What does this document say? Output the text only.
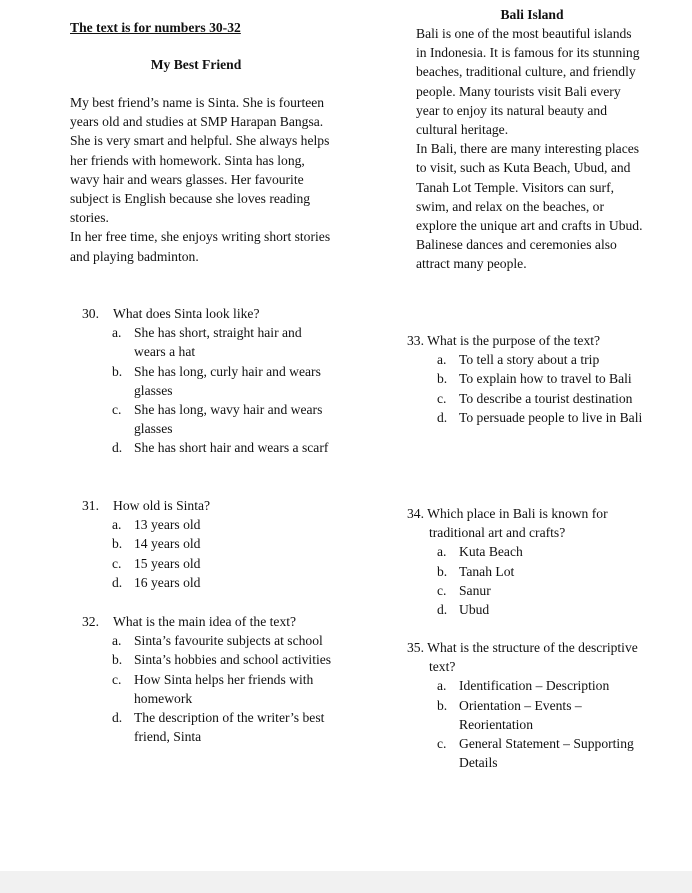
The text is for numbers 30-32
My Best Friend

My best friend’s name is Sinta. She is fourteen years old and studies at SMP Harapan Bangsa.

She is very smart and helpful. She always helps her friends with homework. Sinta has long, wavy hair and wears glasses. Her favourite subject is English because she loves reading stories.

In her free time, she enjoys writing short stories and playing badminton.

30. What does Sinta look like?
a. She has short, straight hair and wears a hat
b. She has long, curly hair and wears glasses
c. She has long, wavy hair and wears glasses
d. She has short hair and wears a scarf
31. How old is Sinta?
a. 13 years old
b. 14 years old
c. 15 years old
d. 16 years old
32. What is the main idea of the text?
a. Sinta’s favourite subjects at school
b. Sinta’s hobbies and school activities
c. How Sinta helps her friends with homework
d. The description of the writer’s best friend, Sinta
Bali Island

Bali is one of the most beautiful islands in Indonesia. It is famous for its stunning beaches, traditional culture, and friendly people. Many tourists visit Bali every year to enjoy its natural beauty and cultural heritage.

In Bali, there are many interesting places to visit, such as Kuta Beach, Ubud, and Tanah Lot Temple. Visitors can surf, swim, and relax on the beaches, or explore the unique art and crafts in Ubud. Balinese dances and ceremonies also attract many people.

33. What is the purpose of the text?
a. To tell a story about a trip
b. To explain how to travel to Bali
c. To describe a tourist destination
d. To persuade people to live in Bali
34. Which place in Bali is known for traditional art and crafts?
a. Kuta Beach
b. Tanah Lot
c. Sanur
d. Ubud
35. What is the structure of the descriptive text?
a. Identification – Description
b. Orientation – Events – Reorientation
c. General Statement – Supporting Details
